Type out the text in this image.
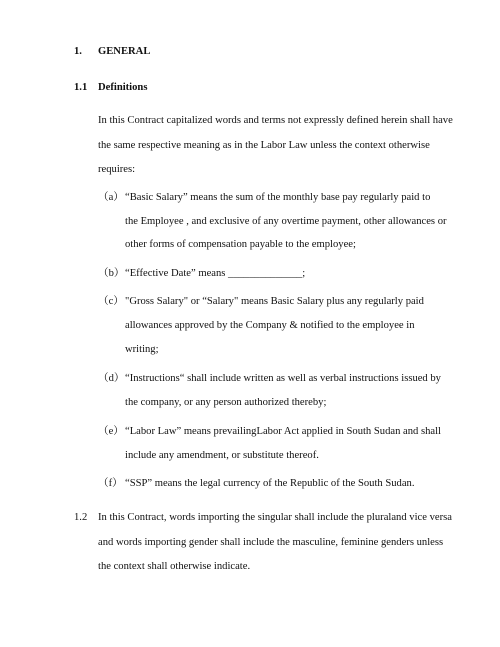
1. GENERAL
1.1 Definitions
In this Contract capitalized words and terms not expressly defined herein shall have
the same respective meaning as in the Labor Law unless the context otherwise
requires:
（a） “Basic Salary” means the sum of the monthly base pay regularly paid to
the Employee , and exclusive of any overtime payment, other allowances or
other forms of compensation payable to the employee;
（b） “Effective Date” means ______________;
（c） "Gross Salary" or “Salary" means Basic Salary plus any regularly paid
allowances approved by the Company & notified to the employee in
writing;
（d） “Instructions“ shall include written as well as verbal instructions issued by
the company, or any person authorized thereby;
（e） “Labor Law” means prevailingLabor Act applied in South Sudan and shall
include any amendment, or substitute thereof.
（f） “SSP” means the legal currency of the Republic of the South Sudan.
1.2 In this Contract, words importing the singular shall include the pluraland vice versa
and words importing gender shall include the masculine, feminine genders unless
the context shall otherwise indicate.
